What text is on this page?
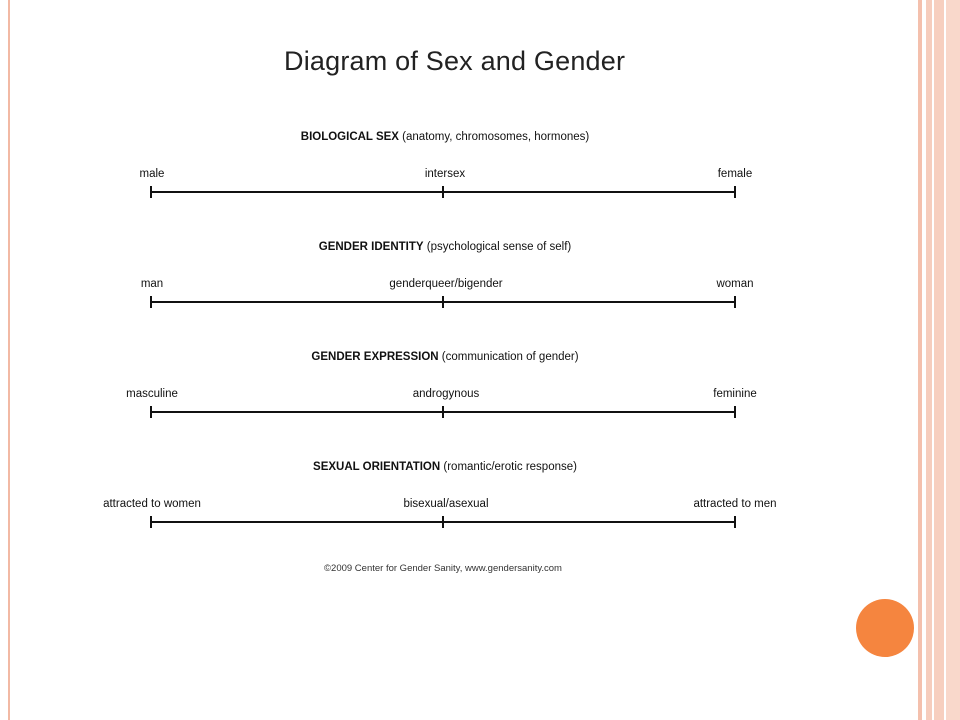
Diagram of Sex and Gender
BIOLOGICAL SEX (anatomy, chromosomes, hormones)
male	intersex	female
GENDER IDENTITY (psychological sense of self)
man	genderqueer/bigender	woman
GENDER EXPRESSION (communication of gender)
masculine	androgynous	feminine
SEXUAL ORIENTATION (romantic/erotic response)
attracted to women	bisexual/asexual	attracted to men
©2009 Center for Gender Sanity, www.gendersanity.com
